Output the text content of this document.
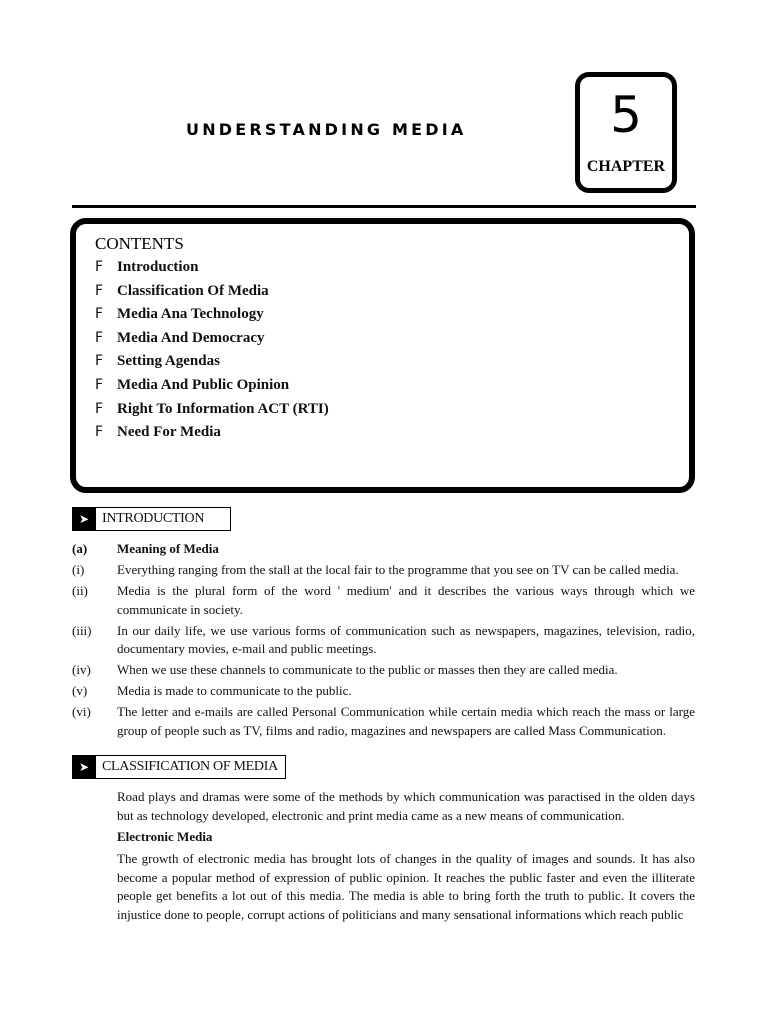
UNDERSTANDING MEDIA	5
CHAPTER
CONTENTS
F Introduction
F Classification Of Media
F Media Ana Technology
F Media And Democracy
F Setting Agendas
F Media And Public Opinion
F Right To Information ACT (RTI)
F Need For Media
➤ INTRODUCTION
(a)	Meaning of Media
(i)	Everything ranging from the stall at the local fair to the programme that you see on TV can be called media.
(ii)	Media is the plural form of the word ' medium' and it describes the various ways through which we communicate in society.
(iii)	In our daily life, we use various forms of communication such as newspapers, magazines, television, radio, documentary movies, e-mail and public meetings.
(iv)	When we use these channels to communicate to the public or masses then they are called media.
(v)	Media is made to communicate to the public.
(vi)	The letter and e-mails are called Personal Communication while certain media which reach the mass or large group of people such as TV, films and radio, magazines and newspapers are called Mass Communication.
➤ CLASSIFICATION OF MEDIA
Road plays and dramas were some of the methods by which communication was paractised in the olden days but as technology developed, electronic and print media came as a new means of communication.
Electronic Media
The growth of electronic media has brought lots of changes in the quality of images and sounds. It has also become a popular method of expression of public opinion. It reaches the public faster and even the illiterate people get benefits a lot out of this media. The media is able to bring forth the truth to public. It covers the injustice done to people, corrupt actions of politicians and many sensational informations which reach public
